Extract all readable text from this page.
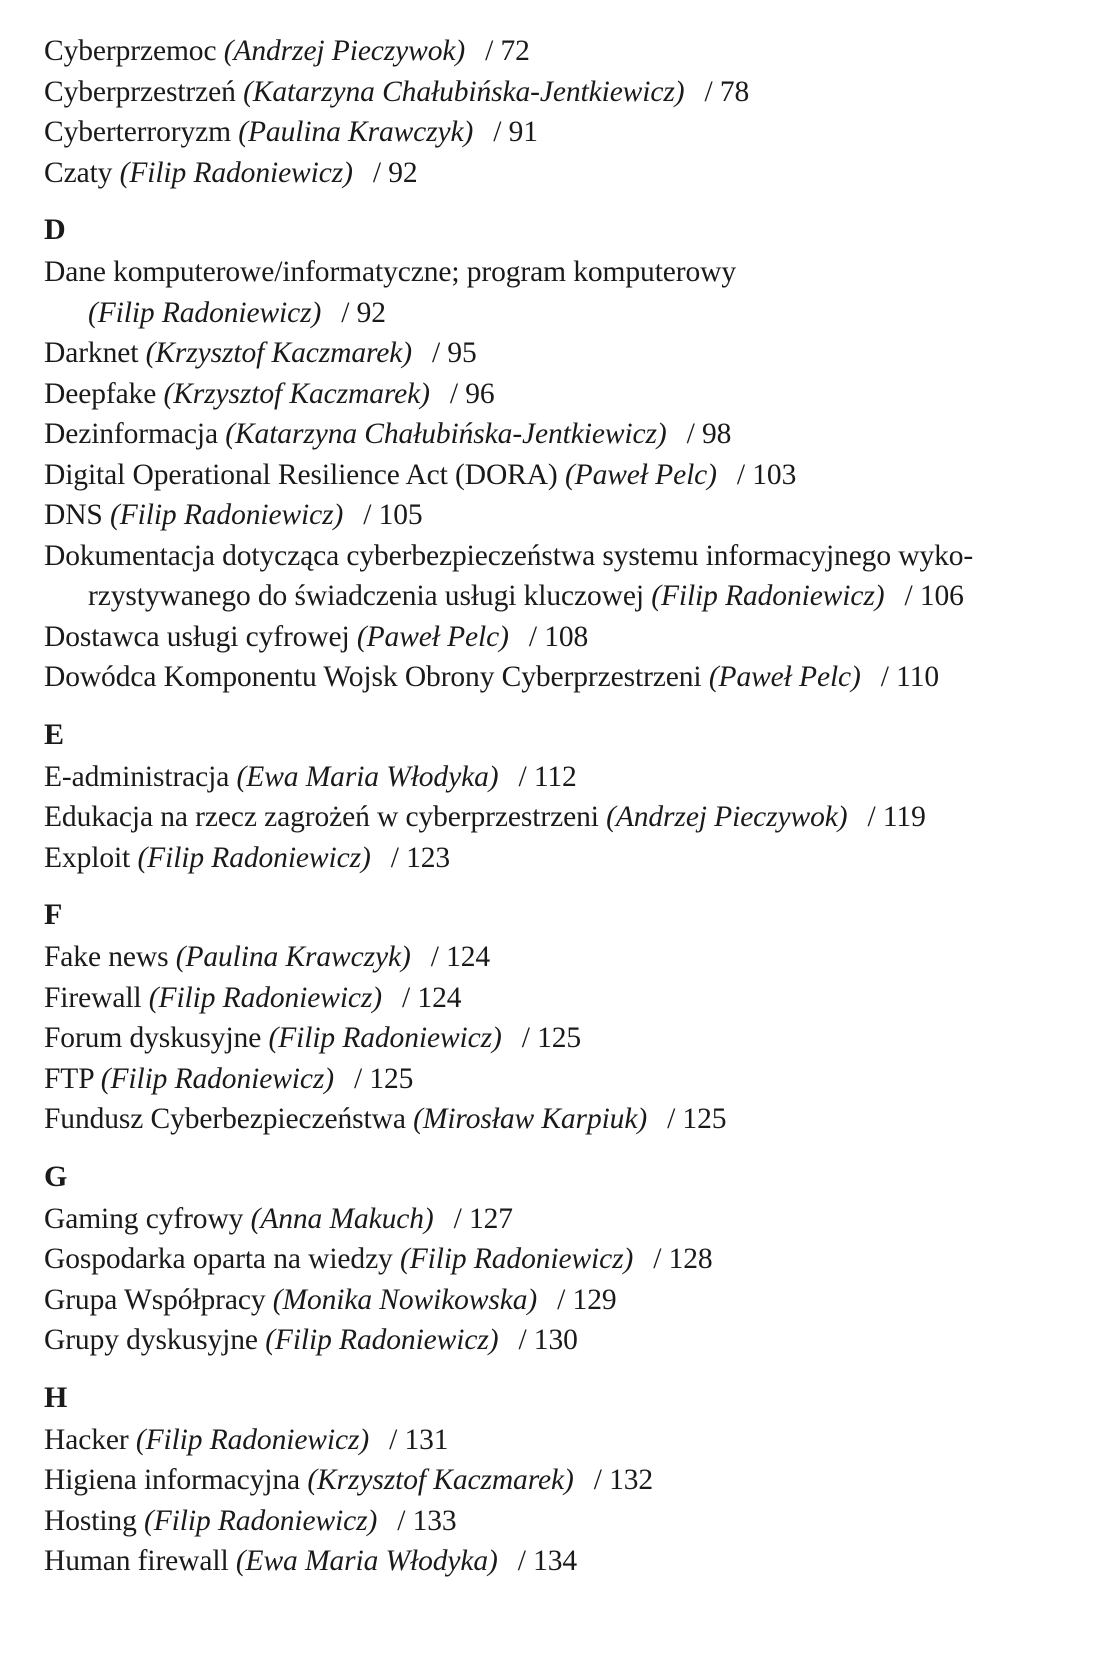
Cyberprzemoc (Andrzej Pieczywok) / 72
Cyberprzestrzeń (Katarzyna Chałubińska-Jentkiewicz) / 78
Cyberterroryzm (Paulina Krawczyk) / 91
Czaty (Filip Radoniewicz) / 92
D
Dane komputerowe/informatyczne; program komputerowy
(Filip Radoniewicz) / 92
Darknet (Krzysztof Kaczmarek) / 95
Deepfake (Krzysztof Kaczmarek) / 96
Dezinformacja (Katarzyna Chałubińska-Jentkiewicz) / 98
Digital Operational Resilience Act (DORA) (Paweł Pelc) / 103
DNS (Filip Radoniewicz) / 105
Dokumentacja dotycząca cyberbezpieczeństwa systemu informacyjnego wyko-
rzystywanego do świadczenia usługi kluczowej (Filip Radoniewicz) / 106
Dostawca usługi cyfrowej (Paweł Pelc) / 108
Dowódca Komponentu Wojsk Obrony Cyberprzestrzeni (Paweł Pelc) / 110
E
E-administracja (Ewa Maria Włodyka) / 112
Edukacja na rzecz zagrożeń w cyberprzestrzeni (Andrzej Pieczywok) / 119
Exploit (Filip Radoniewicz) / 123
F
Fake news (Paulina Krawczyk) / 124
Firewall (Filip Radoniewicz) / 124
Forum dyskusyjne (Filip Radoniewicz) / 125
FTP (Filip Radoniewicz) / 125
Fundusz Cyberbezpieczeństwa (Mirosław Karpiuk) / 125
G
Gaming cyfrowy (Anna Makuch) / 127
Gospodarka oparta na wiedzy (Filip Radoniewicz) / 128
Grupa Współpracy (Monika Nowikowska) / 129
Grupy dyskusyjne (Filip Radoniewicz) / 130
H
Hacker (Filip Radoniewicz) / 131
Higiena informacyjna (Krzysztof Kaczmarek) / 132
Hosting (Filip Radoniewicz) / 133
Human firewall (Ewa Maria Włodyka) / 134
